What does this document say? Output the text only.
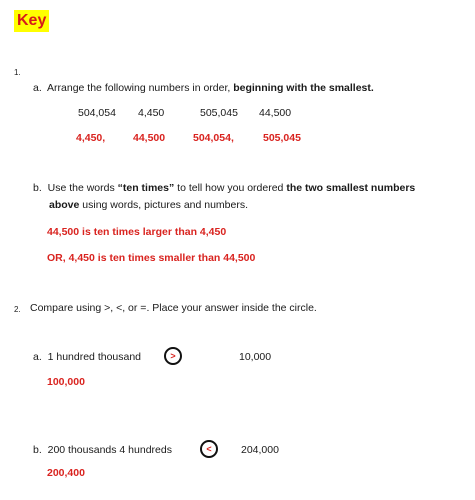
Key
1.
a. Arrange the following numbers in order, beginning with the smallest.
504,054 4,450	505,045 44,500
4,450,	44,500	504,054,	505,045
b. Use the words “ten times” to tell how you ordered the two smallest numbers
above using words, pictures and numbers.
44,500 is ten times larger than 4,450
OR, 4,450 is ten times smaller than 44,500
2. Compare using >, <, or =. Place your answer inside the circle.
a. 1 hundred thousand	>	10,000
100,000
b. 200 thousands 4 hundreds	<	204,000
200,400
